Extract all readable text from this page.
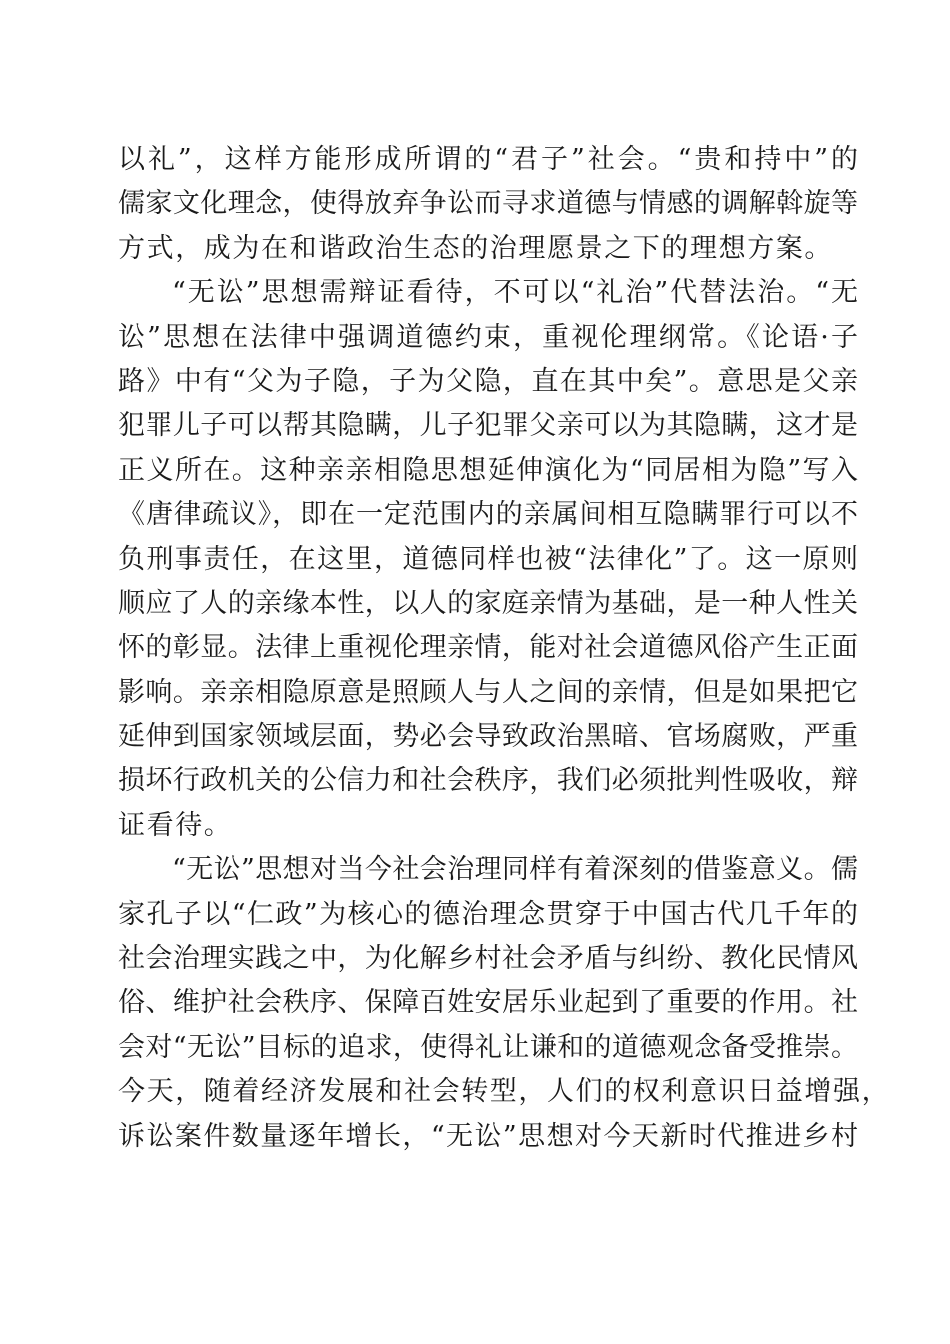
以礼”，这样方能形成所谓的“君子”社会。“贵和持中”的
儒家文化理念，使得放弃争讼而寻求道德与情感的调解斡旋等
方式，成为在和谐政治生态的治理愿景之下的理想方案。
“无讼”思想需辩证看待，不可以“礼治”代替法治。“无
讼”思想在法律中强调道德约束，重视伦理纲常。《论语·子
路》中有“父为子隐，子为父隐，直在其中矣”。意思是父亲
犯罪儿子可以帮其隐瞒，儿子犯罪父亲可以为其隐瞒，这才是
正义所在。这种亲亲相隐思想延伸演化为“同居相为隐”写入
《唐律疏议》，即在一定范围内的亲属间相互隐瞒罪行可以不
负刑事责任，在这里，道德同样也被“法律化”了。这一原则
顺应了人的亲缘本性，以人的家庭亲情为基础，是一种人性关
怀的彰显。法律上重视伦理亲情，能对社会道德风俗产生正面
影响。亲亲相隐原意是照顾人与人之间的亲情，但是如果把它
延伸到国家领域层面，势必会导致政治黑暗、官场腐败，严重
损坏行政机关的公信力和社会秩序，我们必须批判性吸收，辩
证看待。
“无讼”思想对当今社会治理同样有着深刻的借鉴意义。儒
家孔子以“仁政”为核心的德治理念贯穿于中国古代几千年的
社会治理实践之中，为化解乡村社会矛盾与纠纷、教化民情风
俗、维护社会秩序、保障百姓安居乐业起到了重要的作用。社
会对“无讼”目标的追求，使得礼让谦和的道德观念备受推崇。
今天，随着经济发展和社会转型，人们的权利意识日益增强，
诉讼案件数量逐年增长，“无讼”思想对今天新时代推进乡村
